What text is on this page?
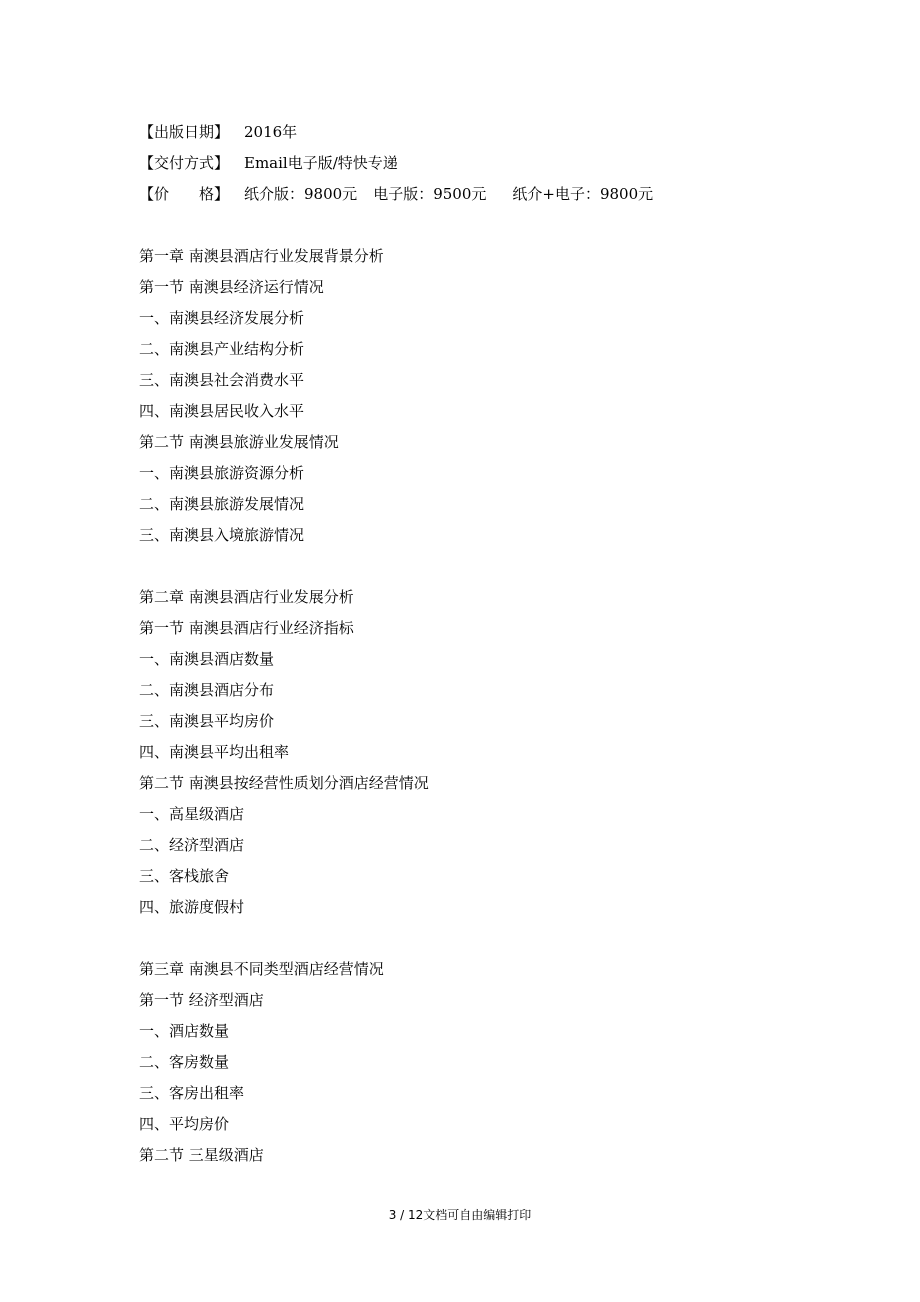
【出版日期】 2016年
【交付方式】 Email电子版/特快专递
【价　　格】 纸介版：9800元 电子版：9500元 纸介+电子：9800元
第一章 南澳县酒店行业发展背景分析
第一节 南澳县经济运行情况
一、南澳县经济发展分析
二、南澳县产业结构分析
三、南澳县社会消费水平
四、南澳县居民收入水平
第二节 南澳县旅游业发展情况
一、南澳县旅游资源分析
二、南澳县旅游发展情况
三、南澳县入境旅游情况
第二章 南澳县酒店行业发展分析
第一节 南澳县酒店行业经济指标
一、南澳县酒店数量
二、南澳县酒店分布
三、南澳县平均房价
四、南澳县平均出租率
第二节 南澳县按经营性质划分酒店经营情况
一、高星级酒店
二、经济型酒店
三、客栈旅舍
四、旅游度假村
第三章 南澳县不同类型酒店经营情况
第一节 经济型酒店
一、酒店数量
二、客房数量
三、客房出租率
四、平均房价
第二节 三星级酒店
3 / 12文档可自由编辑打印
